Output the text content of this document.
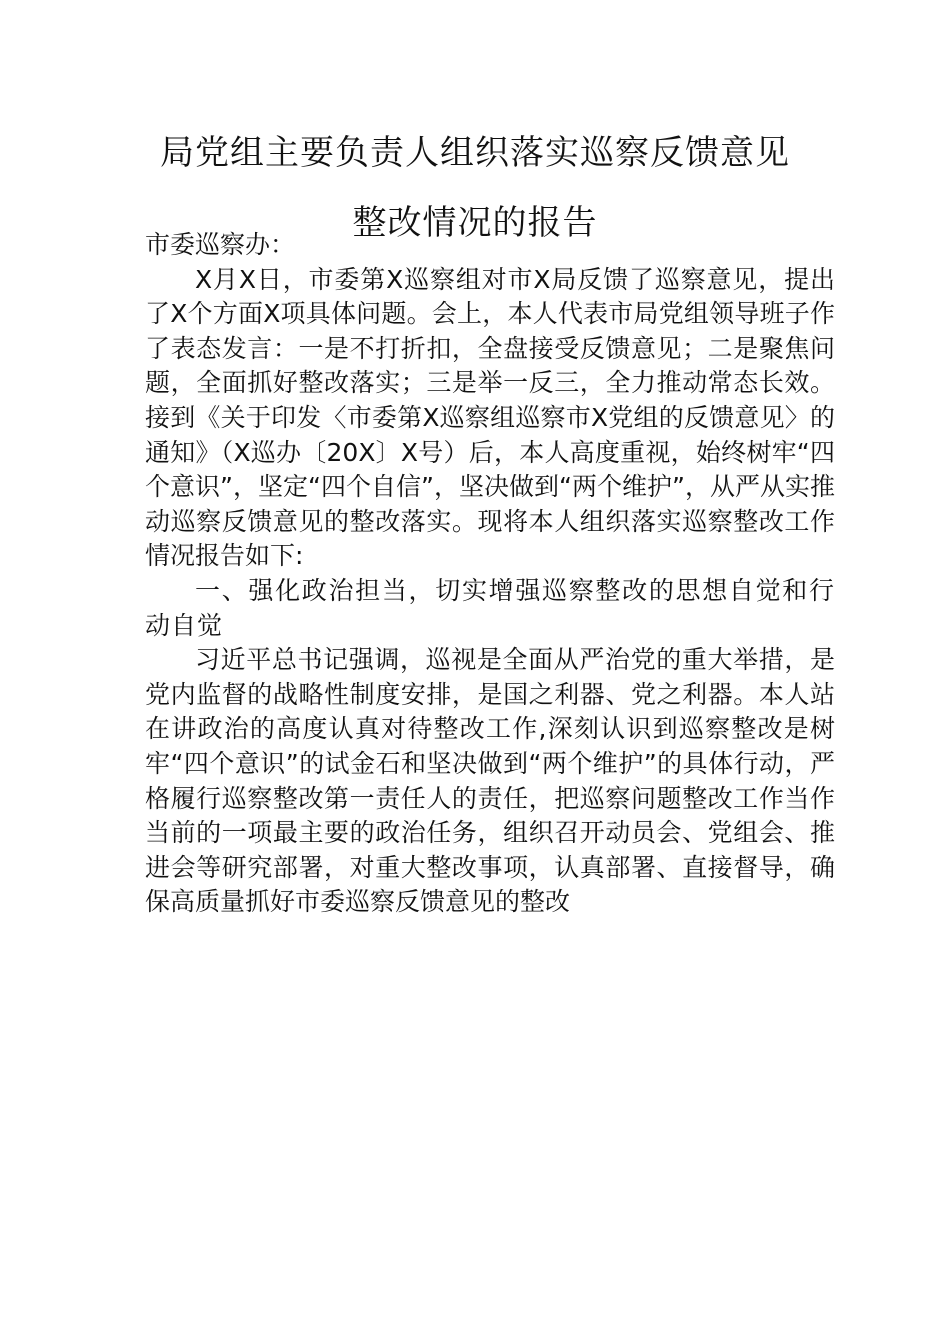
局党组主要负责人组织落实巡察反馈意见
整改情况的报告

市委巡察办：

X月X日，市委第X巡察组对市X局反馈了巡察意见，提出了X个方面X项具体问题。会上，本人代表市局党组领导班子作了表态发言：一是不打折扣，全盘接受反馈意见；二是聚焦问题，全面抓好整改落实；三是举一反三，全力推动常态长效。接到《关于印发〈市委第X巡察组巡察市X党组的反馈意见〉的通知》（X巡办〔20X〕X号）后，本人高度重视，始终树牢“四个意识”，坚定“四个自信”，坚决做到“两个维护”，从严从实推动巡察反馈意见的整改落实。现将本人组织落实巡察整改工作情况报告如下:

一、强化政治担当，切实增强巡察整改的思想自觉和行动自觉

习近平总书记强调，巡视是全面从严治党的重大举措，是党内监督的战略性制度安排，是国之利器、党之利器。本人站在讲政治的高度认真对待整改工作,深刻认识到巡察整改是树牢“四个意识”的试金石和坚决做到“两个维护”的具体行动，严格履行巡察整改第一责任人的责任，把巡察问题整改工作当作当前的一项最主要的政治任务，组织召开动员会、党组会、推进会等研究部署，对重大整改事项，认真部署、直接督导，确保高质量抓好市委巡察反馈意见的整改
